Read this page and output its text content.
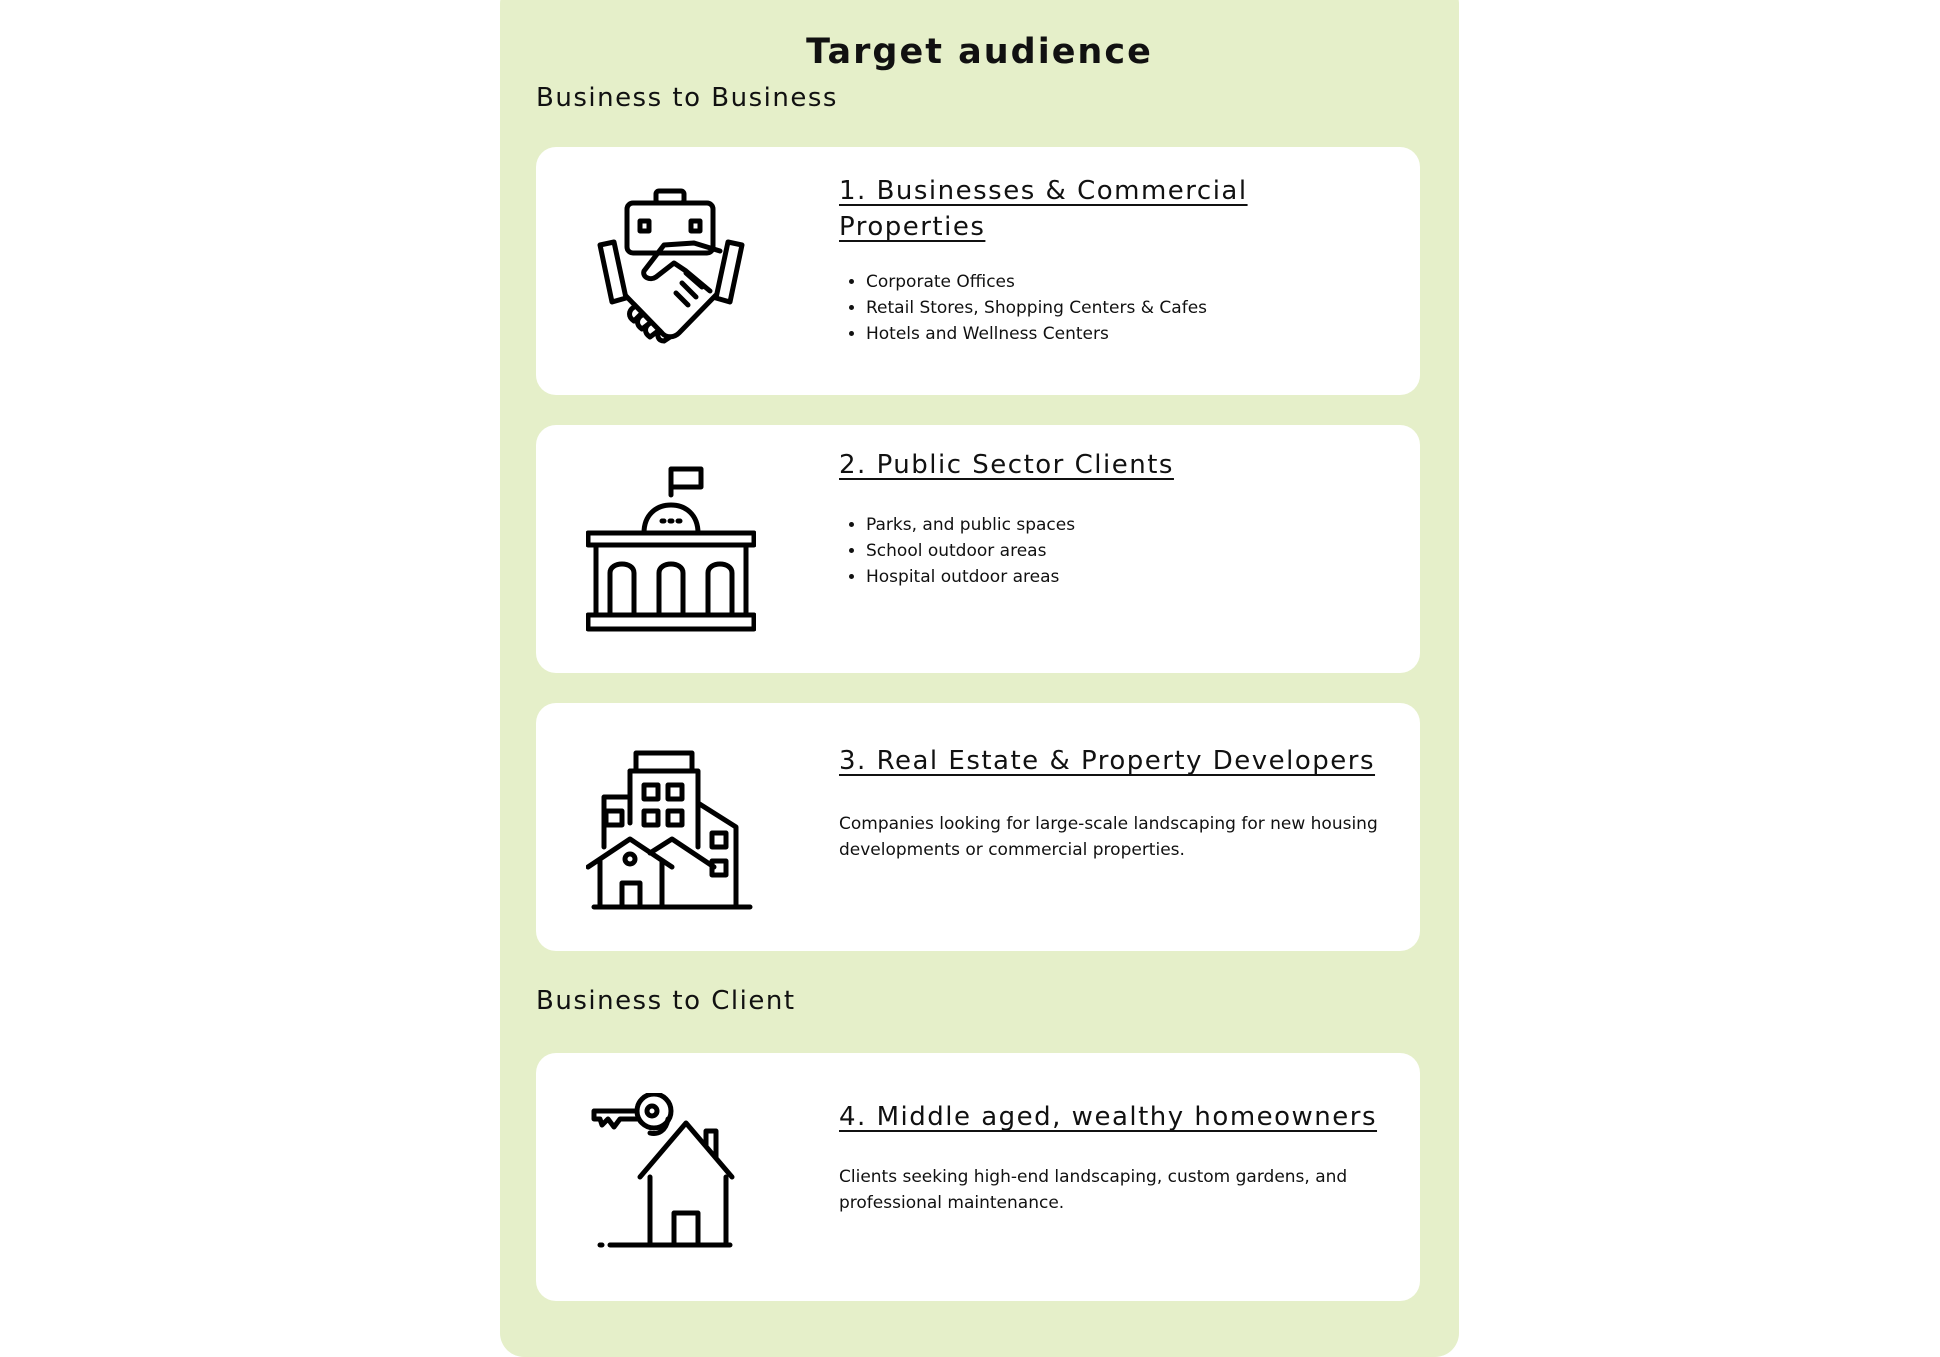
Target audience
Business to Business
1. Businesses & Commercial Properties
• Corporate Offices
• Retail Stores, Shopping Centers & Cafes
• Hotels and Wellness Centers
2. Public Sector Clients
• Parks, and public spaces
• School outdoor areas
• Hospital outdoor areas
3. Real Estate & Property Developers

Companies looking for large-scale landscaping for new housing developments or commercial properties.

Business to Client
4. Middle aged, wealthy homeowners

Clients seeking high-end landscaping, custom gardens, and professional maintenance.
